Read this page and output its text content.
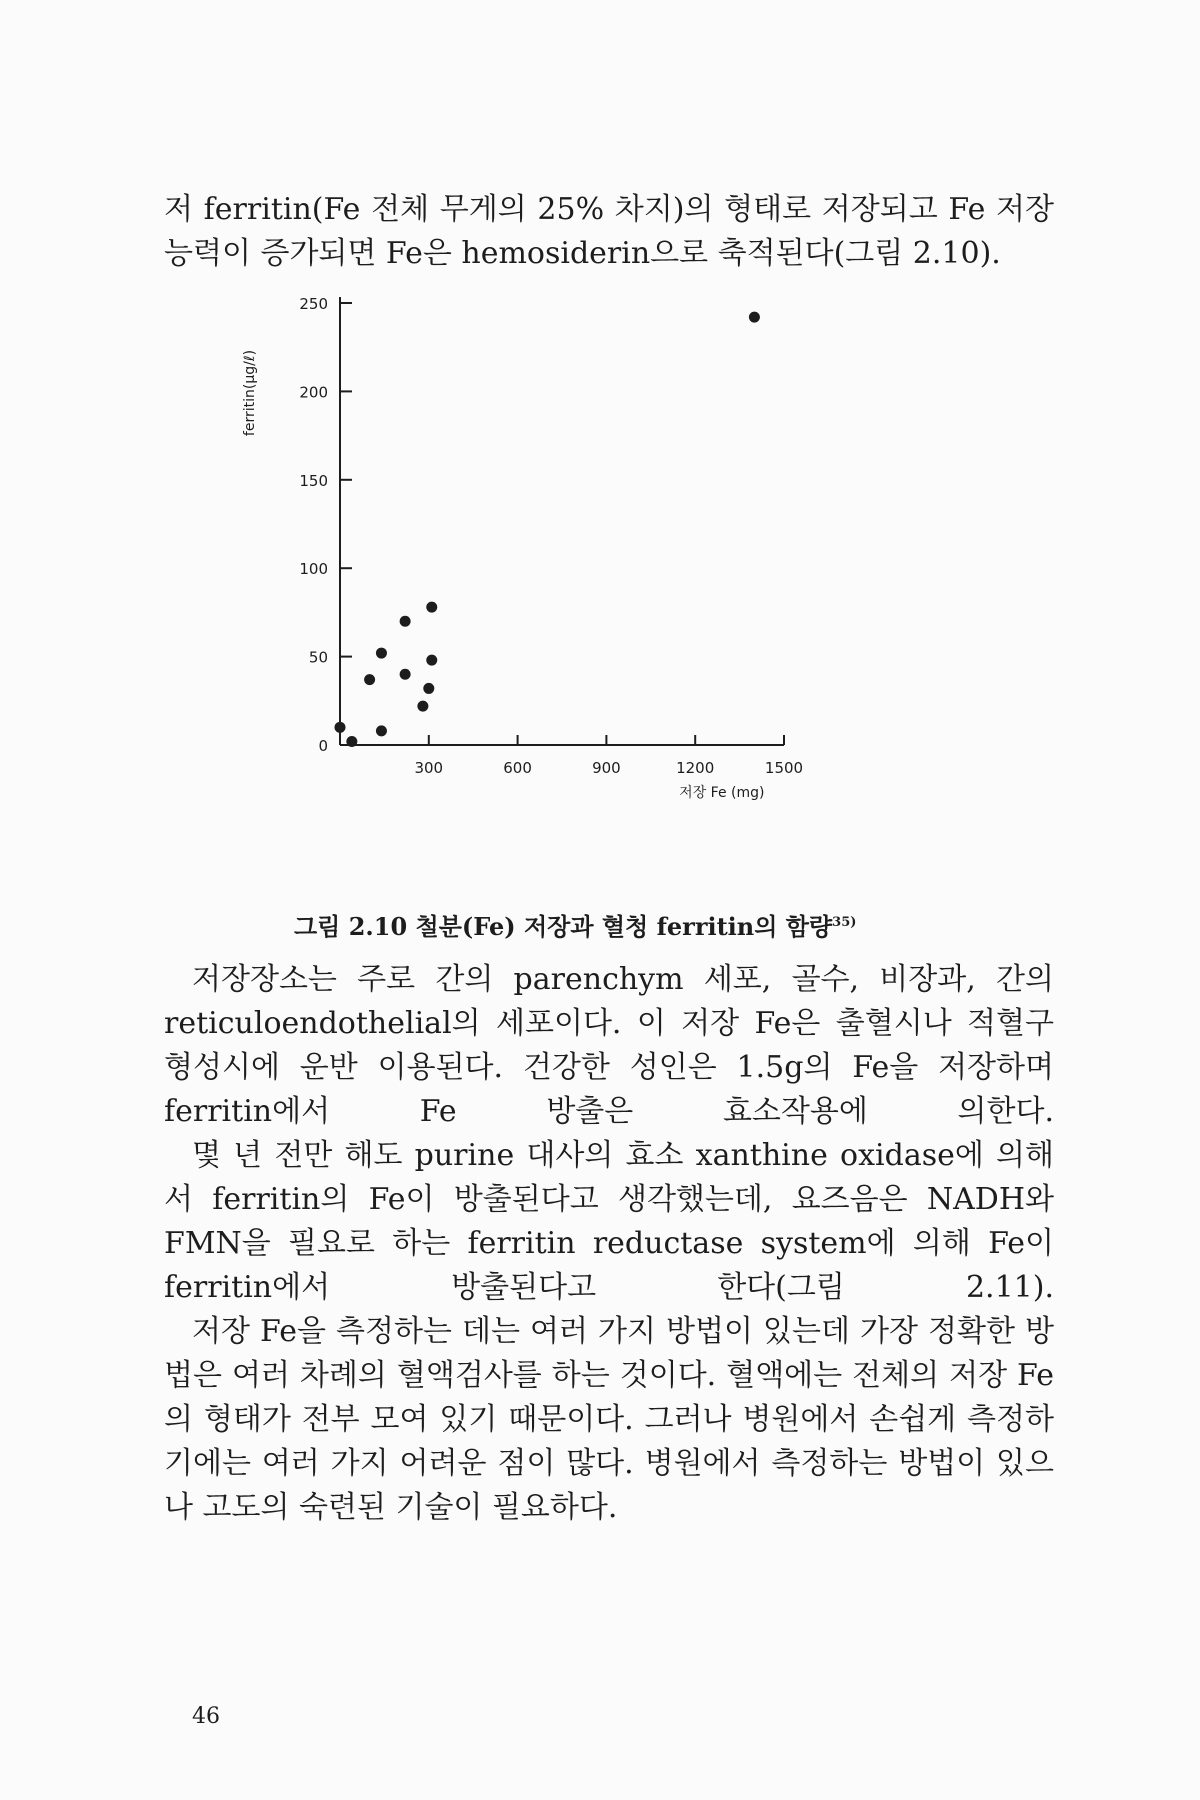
저 ferritin(Fe 전체 무게의 25% 차지)의 형태로 저장되고 Fe 저장능력이 증가되면 Fe은 hemosiderin으로 축적된다(그림 2.10).

300	600	900	1200	1500
0
50
100
150
200
250
ferritin(μg/ℓ)
저장 Fe (mg)
그림 2.10 철분(Fe) 저장과 혈청 ferritin의 함량$^{35)}$

저장장소는 주로 간의 parenchym 세포, 골수, 비장과, 간의 reticuloendothelial의 세포이다. 이 저장 Fe은 출혈시나 적혈구 형성시에 운반 이용된다. 건강한 성인은 1.5g의 Fe을 저장하며 ferritin에서 Fe 방출은 효소작용에 의한다.

몇 년 전만 해도 purine 대사의 효소 xanthine oxidase에 의해서 ferritin의 Fe이 방출된다고 생각했는데, 요즈음은 NADH와 FMN을 필요로 하는 ferritin reductase system에 의해 Fe이 ferritin에서 방출된다고 한다(그림 2.11).

저장 Fe을 측정하는 데는 여러 가지 방법이 있는데 가장 정확한 방법은 여러 차례의 혈액검사를 하는 것이다. 혈액에는 전체의 저장 Fe의 형태가 전부 모여 있기 때문이다. 그러나 병원에서 손쉽게 측정하기에는 여러 가지 어려운 점이 많다. 병원에서 측정하는 방법이 있으나 고도의 숙련된 기술이 필요하다.

46
